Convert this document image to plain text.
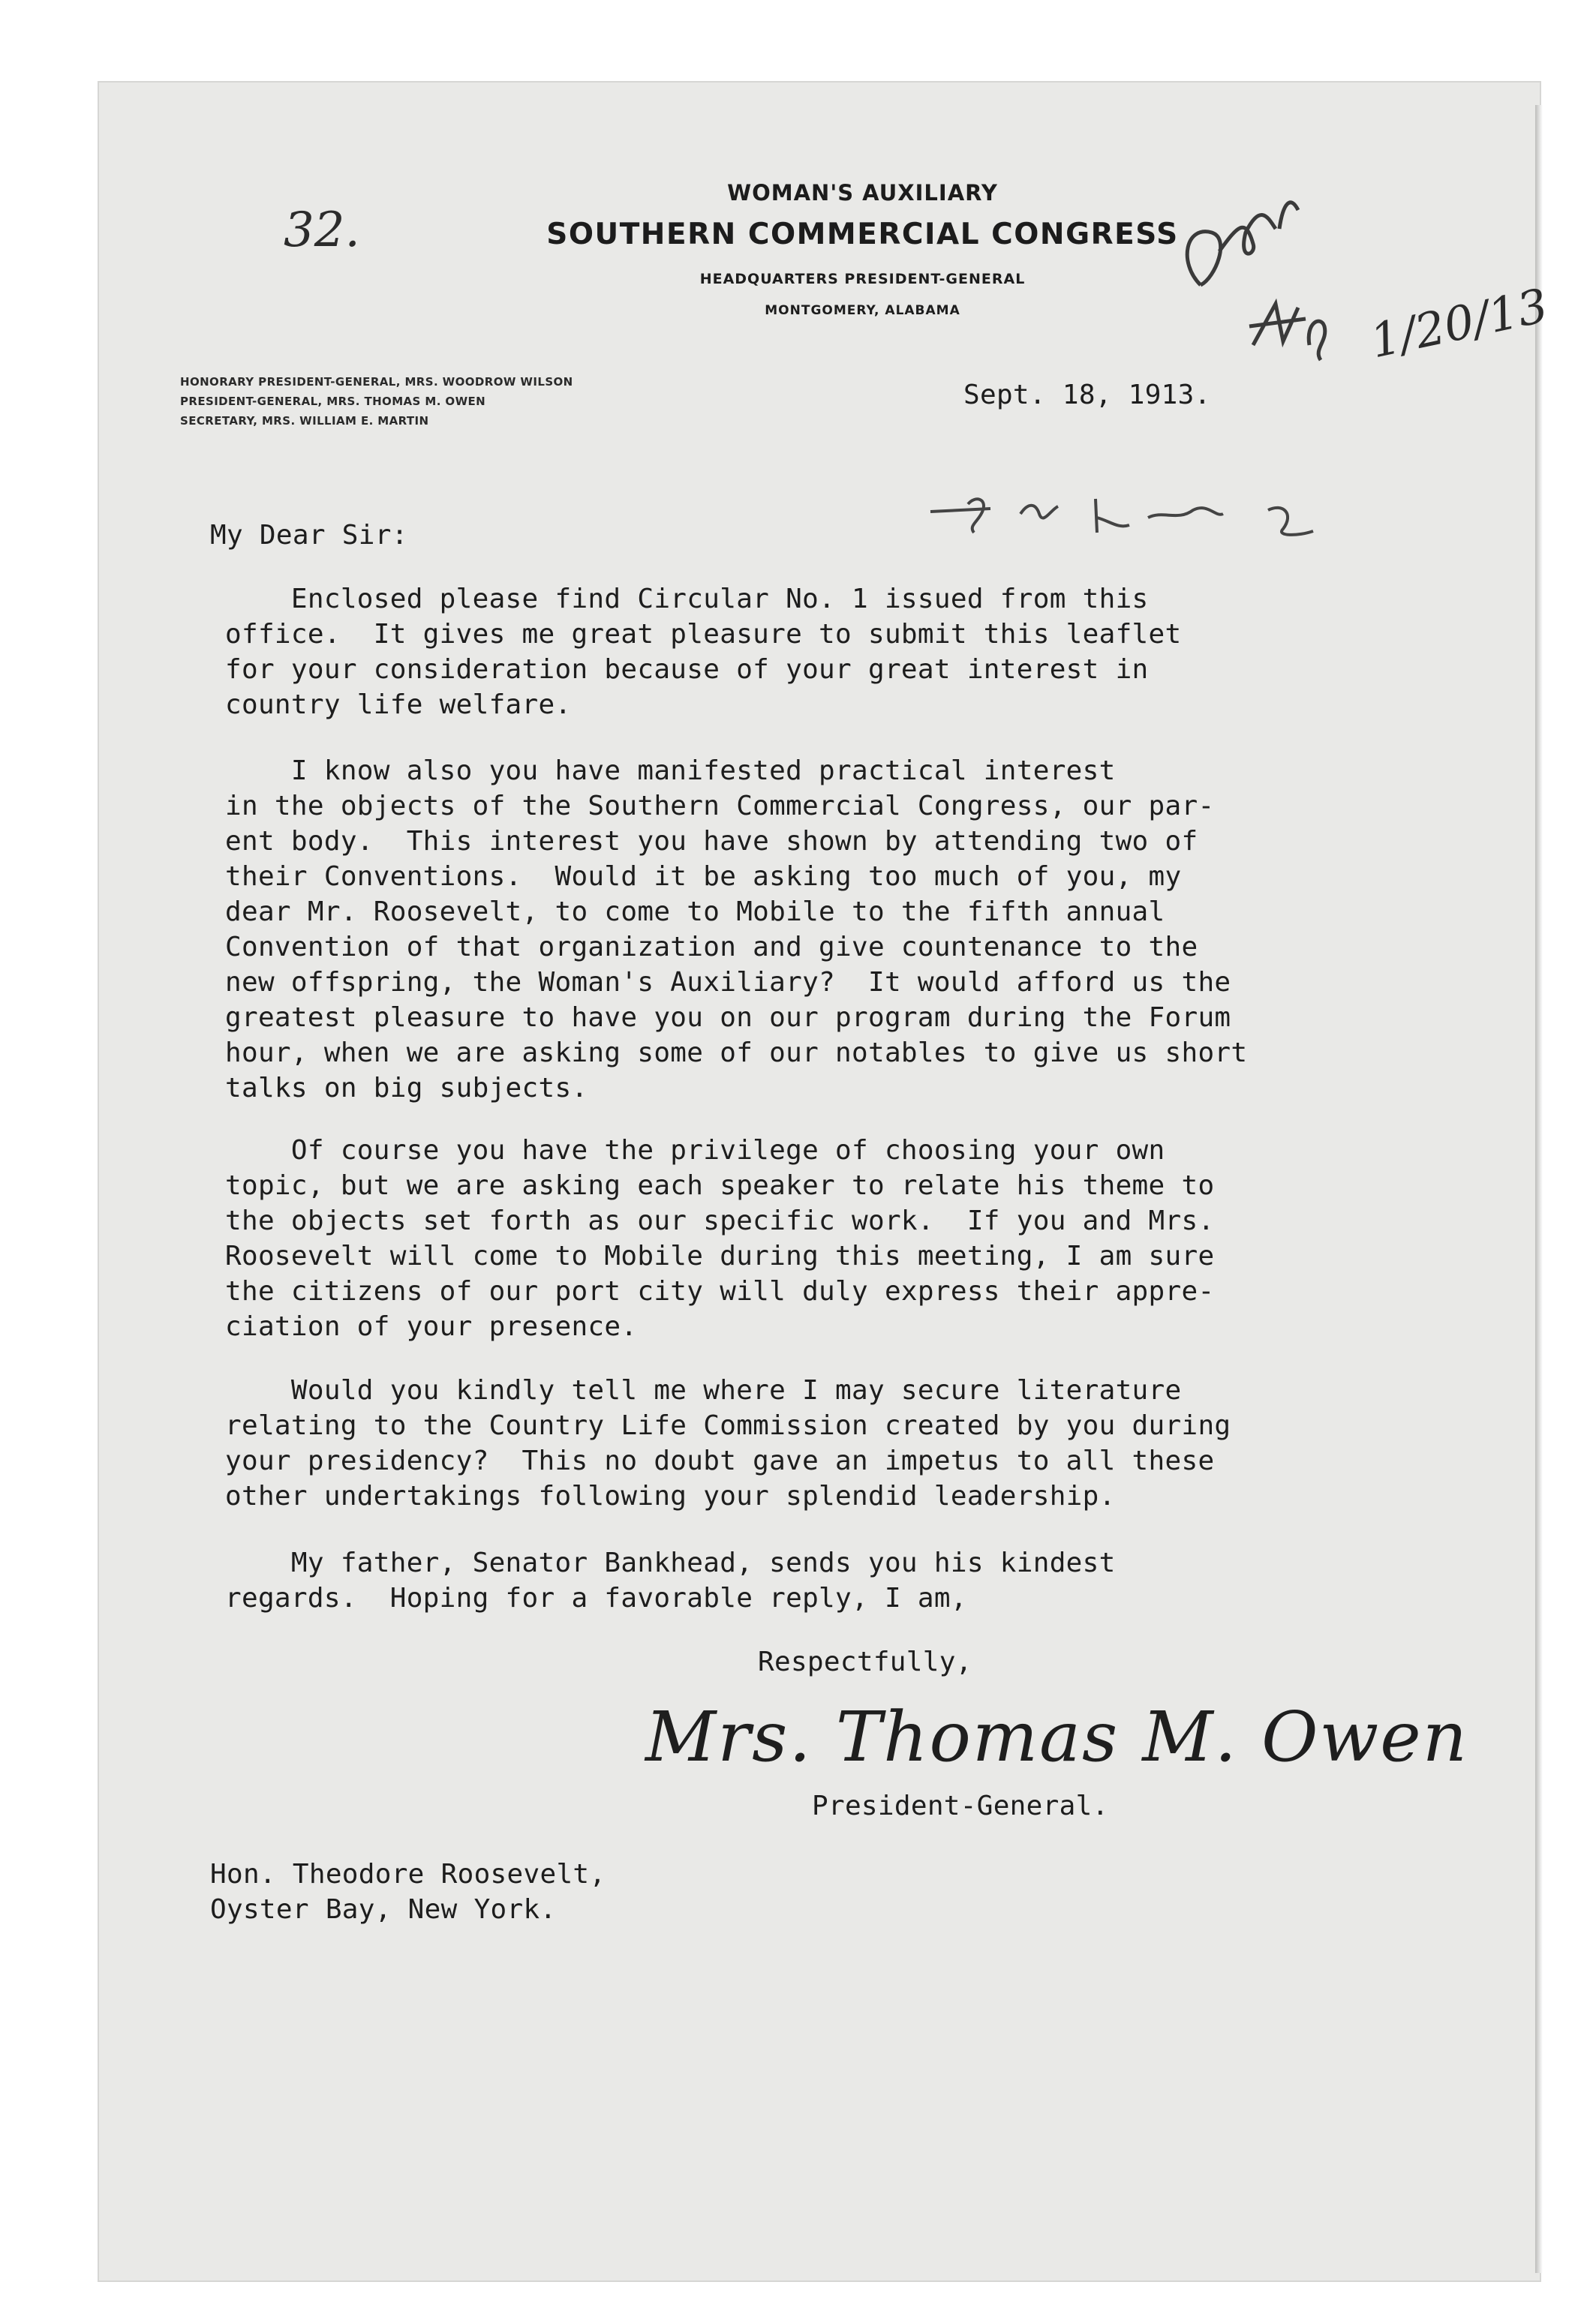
WOMAN'S AUXILIARY
SOUTHERN COMMERCIAL CONGRESS
HEADQUARTERS PRESIDENT-GENERAL
MONTGOMERY, ALABAMA
HONORARY PRESIDENT-GENERAL, MRS. WOODROW WILSON
PRESIDENT-GENERAL, MRS. THOMAS M. OWEN
SECRETARY, MRS. WILLIAM E. MARTIN
32.
1/20/13
Sept. 18, 1913.
My Dear Sir:
Enclosed please find Circular No. 1 issued from this
office.  It gives me great pleasure to submit this leaflet
for your consideration because of your great interest in
country life welfare.
I know also you have manifested practical interest
in the objects of the Southern Commercial Congress, our par-
ent body.  This interest you have shown by attending two of
their Conventions.  Would it be asking too much of you, my
dear Mr. Roosevelt, to come to Mobile to the fifth annual
Convention of that organization and give countenance to the
new offspring, the Woman's Auxiliary?  It would afford us the
greatest pleasure to have you on our program during the Forum
hour, when we are asking some of our notables to give us short
talks on big subjects.
Of course you have the privilege of choosing your own
topic, but we are asking each speaker to relate his theme to
the objects set forth as our specific work.  If you and Mrs.
Roosevelt will come to Mobile during this meeting, I am sure
the citizens of our port city will duly express their appre-
ciation of your presence.
Would you kindly tell me where I may secure literature
relating to the Country Life Commission created by you during
your presidency?  This no doubt gave an impetus to all these
other undertakings following your splendid leadership.
My father, Senator Bankhead, sends you his kindest
regards.  Hoping for a favorable reply, I am,
Respectfully,
Mrs. Thomas M. Owen
President-General.
Hon. Theodore Roosevelt,
Oyster Bay, New York.
